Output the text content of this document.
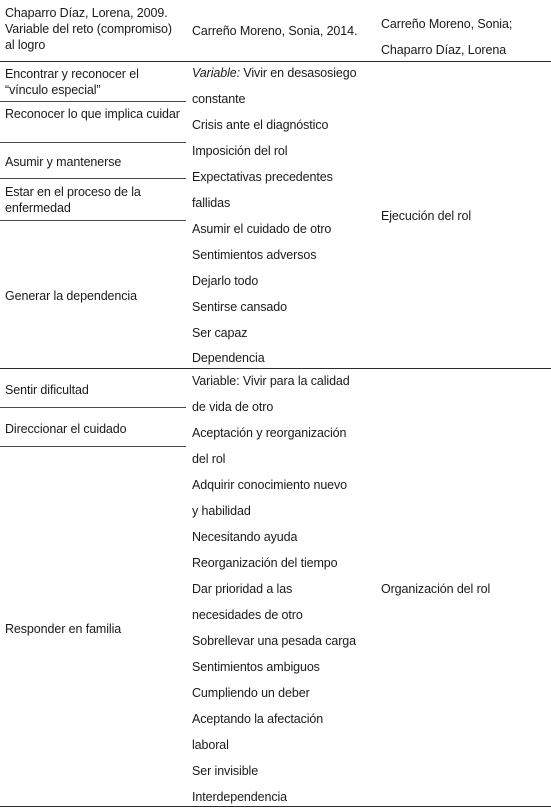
Chaparro Díaz, Lorena, 2009. Variable del reto (compromiso) al logro
Carreño Moreno, Sonia, 2014.	Carreño Moreno, Sonia; Chaparro Díaz, Lorena
Encontrar y reconocer el “vínculo especial”
Reconocer lo que implica cuidar
Asumir y mantenerse
Estar en el proceso de la enfermedad
Generar la dependencia
Variable: Vivir en desasosiego
constante
Crisis ante el diagnóstico
Imposición del rol
Expectativas precedentes
fallidas
Asumir el cuidado de otro
Sentimientos adversos
Dejarlo todo
Sentirse cansado
Ser capaz
Dependencia
Ejecución del rol
Sentir dificultad
Direccionar el cuidado
Responder en familia
Variable: Vivir para la calidad
de vida de otro
Aceptación y reorganización
del rol
Adquirir conocimiento nuevo
y habilidad
Necesitando ayuda
Reorganización del tiempo
Dar prioridad a las
necesidades de otro
Sobrellevar una pesada carga
Sentimientos ambiguos
Cumpliendo un deber
Aceptando la afectación
laboral
Ser invisible
Interdependencia
Organización del rol
